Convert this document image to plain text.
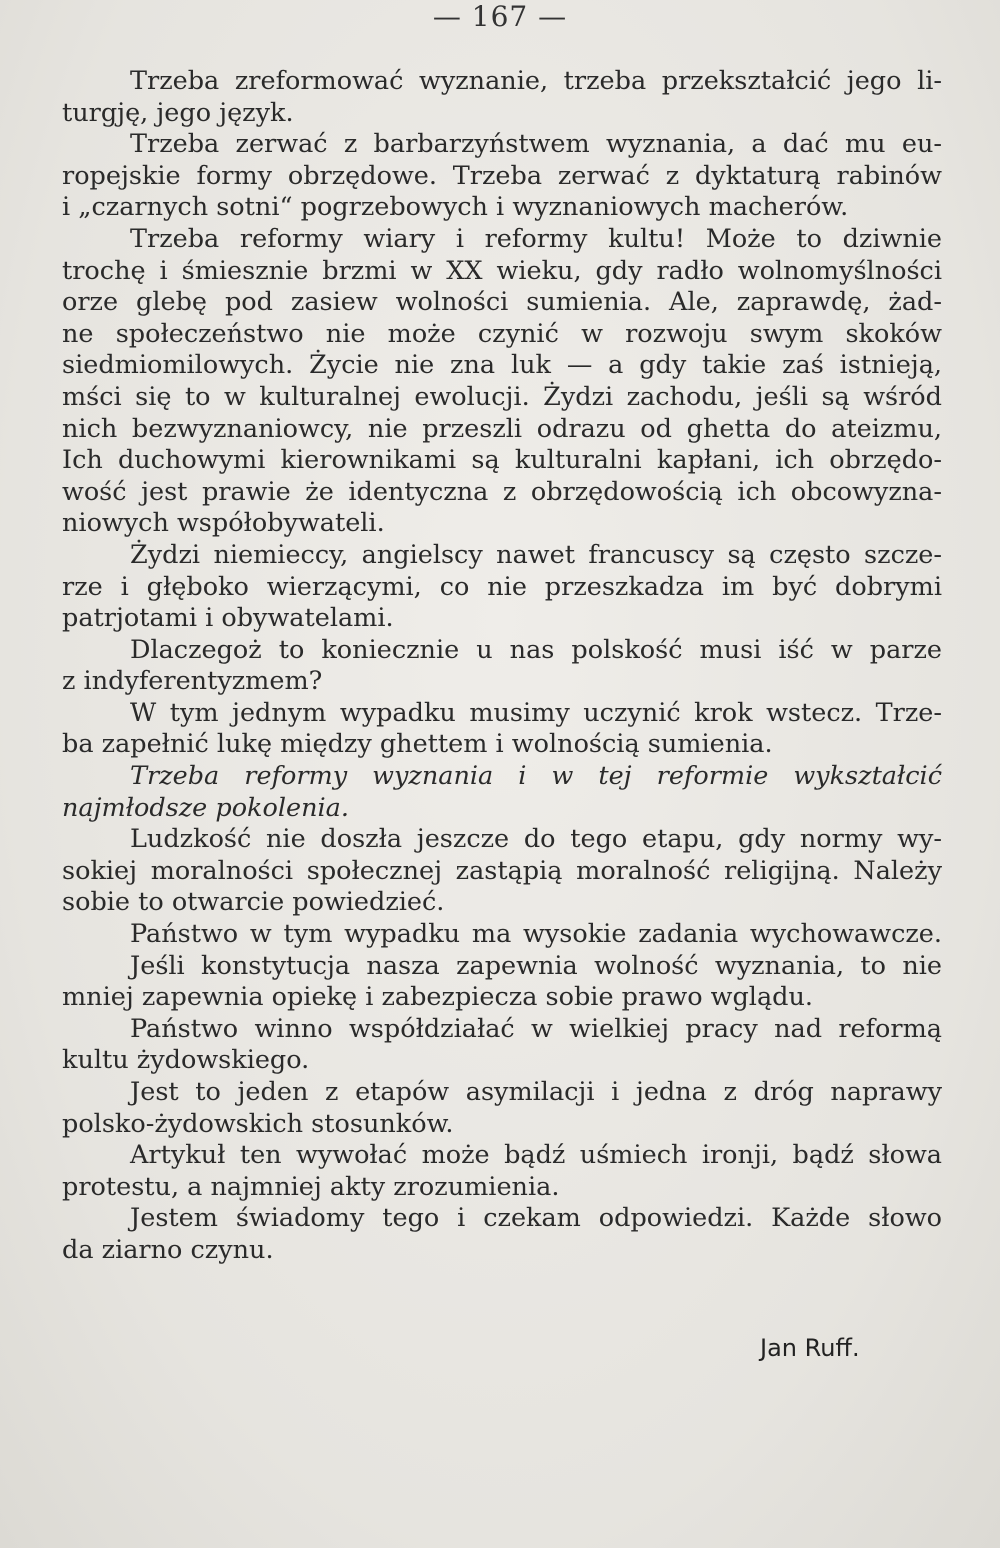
— 167 —
Trzeba zreformować wyznanie, trzeba przekształcić jego li-
turgję, jego język.
Trzeba zerwać z barbarzyństwem wyznania, a dać mu eu-
ropejskie formy obrzędowe. Trzeba zerwać z dyktaturą rabinów
i „czarnych sotni“ pogrzebowych i wyznaniowych macherów.
Trzeba reformy wiary i reformy kultu! Może to dziwnie
trochę i śmiesznie brzmi w XX wieku, gdy radło wolnomyślności
orze glebę pod zasiew wolności sumienia. Ale, zaprawdę, żad-
ne społeczeństwo nie może czynić w rozwoju swym skoków
siedmiomilowych. Życie nie zna luk — a gdy takie zaś istnieją,
mści się to w kulturalnej ewolucji. Żydzi zachodu, jeśli są wśród
nich bezwyznaniowcy, nie przeszli odrazu od ghetta do ateizmu,
Ich duchowymi kierownikami są kulturalni kapłani, ich obrzędo-
wość jest prawie że identyczna z obrzędowością ich obcowyzna-
niowych współobywateli.
Żydzi niemieccy, angielscy nawet francuscy są często szcze-
rze i głęboko wierzącymi, co nie przeszkadza im być dobrymi
patrjotami i obywatelami.
Dlaczegoż to koniecznie u nas polskość musi iść w parze
z indyferentyzmem?
W tym jednym wypadku musimy uczynić krok wstecz. Trze-
ba zapełnić lukę między ghettem i wolnością sumienia.
Trzeba reformy wyznania i w tej reformie wykształcić
najmłodsze pokolenia.
Ludzkość nie doszła jeszcze do tego etapu, gdy normy wy-
sokiej moralności społecznej zastąpią moralność religijną. Należy
sobie to otwarcie powiedzieć.
Państwo w tym wypadku ma wysokie zadania wychowawcze.
Jeśli konstytucja nasza zapewnia wolność wyznania, to nie
mniej zapewnia opiekę i zabezpiecza sobie prawo wglądu.
Państwo winno współdziałać w wielkiej pracy nad reformą
kultu żydowskiego.
Jest to jeden z etapów asymilacji i jedna z dróg naprawy
polsko-żydowskich stosunków.
Artykuł ten wywołać może bądź uśmiech ironji, bądź słowa
protestu, a najmniej akty zrozumienia.
Jestem świadomy tego i czekam odpowiedzi. Każde słowo
da ziarno czynu.
Jan Ruff.
